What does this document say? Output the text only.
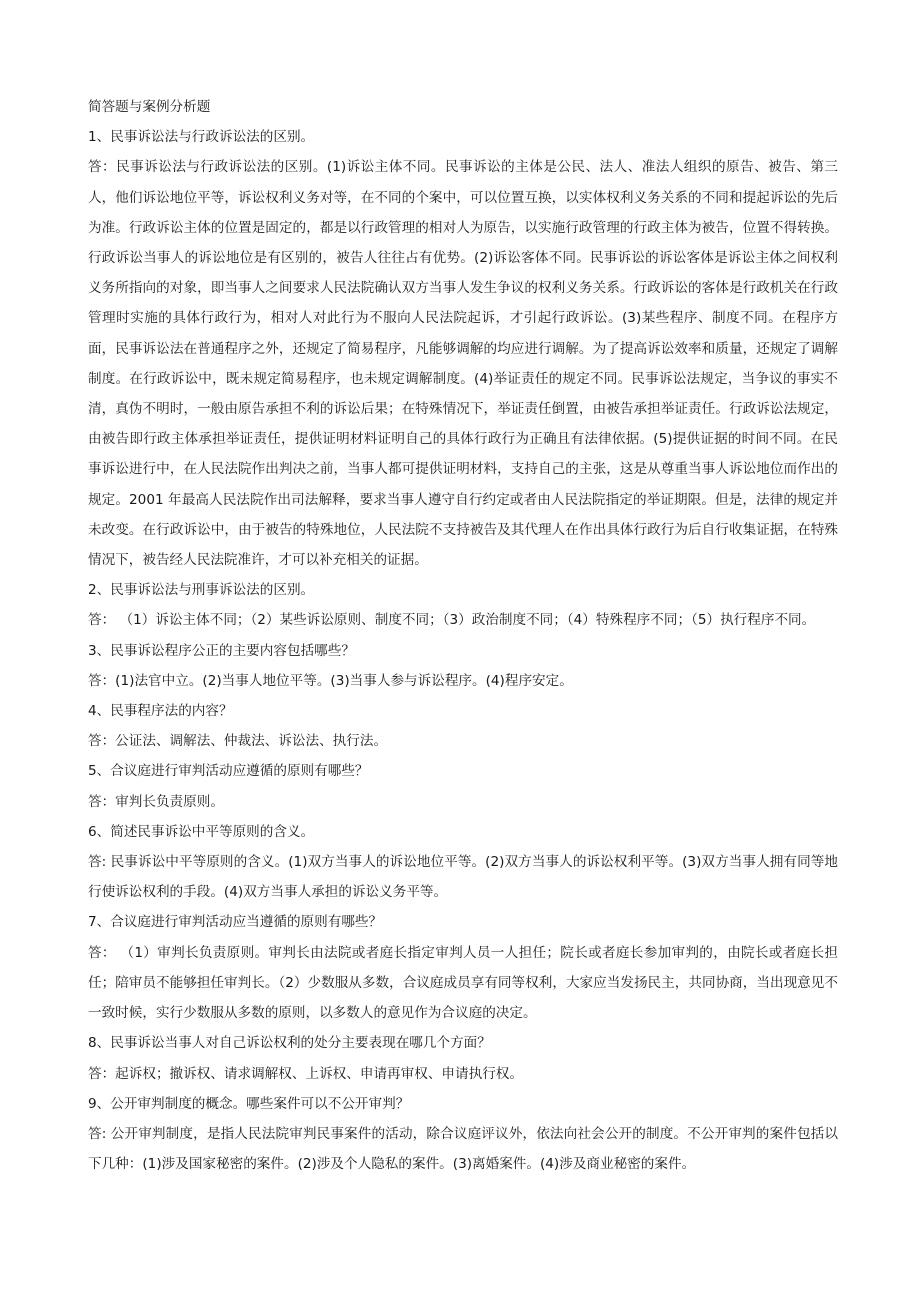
简答题与案例分析题

1、民事诉讼法与行政诉讼法的区别。

答：民事诉讼法与行政诉讼法的区别。(1)诉讼主体不同。民事诉讼的主体是公民、法人、准法人组织的原告、被告、第三人，他们诉讼地位平等，诉讼权利义务对等，在不同的个案中，可以位置互换，以实体权利义务关系的不同和提起诉讼的先后为准。行政诉讼主体的位置是固定的，都是以行政管理的相对人为原告，以实施行政管理的行政主体为被告，位置不得转换。行政诉讼当事人的诉讼地位是有区别的，被告人往往占有优势。(2)诉讼客体不同。民事诉讼的诉讼客体是诉讼主体之间权利义务所指向的对象，即当事人之间要求人民法院确认双方当事人发生争议的权利义务关系。行政诉讼的客体是行政机关在行政管理时实施的具体行政行为，相对人对此行为不服向人民法院起诉，才引起行政诉讼。(3)某些程序、制度不同。在程序方面，民事诉讼法在普通程序之外，还规定了简易程序，凡能够调解的均应进行调解。为了提高诉讼效率和质量，还规定了调解制度。在行政诉讼中，既未规定简易程序，也未规定调解制度。(4)举证责任的规定不同。民事诉讼法规定，当争议的事实不清，真伪不明时，一般由原告承担不利的诉讼后果；在特殊情况下，举证责任倒置，由被告承担举证责任。行政诉讼法规定，由被告即行政主体承担举证责任，提供证明材料证明自己的具体行政行为正确且有法律依据。(5)提供证据的时间不同。在民事诉讼进行中，在人民法院作出判决之前，当事人都可提供证明材料，支持自己的主张，这是从尊重当事人诉讼地位而作出的规定。2001 年最高人民法院作出司法解释，要求当事人遵守自行约定或者由人民法院指定的举证期限。但是，法律的规定并未改变。在行政诉讼中，由于被告的特殊地位，人民法院不支持被告及其代理人在作出具体行政行为后自行收集证据，在特殊情况下，被告经人民法院准许，才可以补充相关的证据。

2、民事诉讼法与刑事诉讼法的区别。

答： （1）诉讼主体不同；（2）某些诉讼原则、制度不同；（3）政治制度不同；（4）特殊程序不同；（5）执行程序不同。

3、民事诉讼程序公正的主要内容包括哪些？

答：(1)法官中立。(2)当事人地位平等。(3)当事人参与诉讼程序。(4)程序安定。

4、民事程序法的内容？

答：公证法、调解法、仲裁法、诉讼法、执行法。

5、合议庭进行审判活动应遵循的原则有哪些？

答：审判长负责原则。

6、简述民事诉讼中平等原则的含义。

答: 民事诉讼中平等原则的含义。(1)双方当事人的诉讼地位平等。(2)双方当事人的诉讼权利平等。(3)双方当事人拥有同等地行使诉讼权利的手段。(4)双方当事人承担的诉讼义务平等。

7、合议庭进行审判活动应当遵循的原则有哪些？

答： （1）审判长负责原则。审判长由法院或者庭长指定审判人员一人担任；院长或者庭长参加审判的，由院长或者庭长担任；陪审员不能够担任审判长。（2）少数服从多数，合议庭成员享有同等权利，大家应当发扬民主，共同协商，当出现意见不一致时候，实行少数服从多数的原则，以多数人的意见作为合议庭的决定。

8、民事诉讼当事人对自己诉讼权利的处分主要表现在哪几个方面？

答：起诉权；撤诉权、请求调解权、上诉权、申请再审权、申请执行权。

9、公开审判制度的概念。哪些案件可以不公开审判？

答: 公开审判制度，是指人民法院审判民事案件的活动，除合议庭评议外，依法向社会公开的制度。不公开审判的案件包括以下几种：(1)涉及国家秘密的案件。(2)涉及个人隐私的案件。(3)离婚案件。(4)涉及商业秘密的案件。
